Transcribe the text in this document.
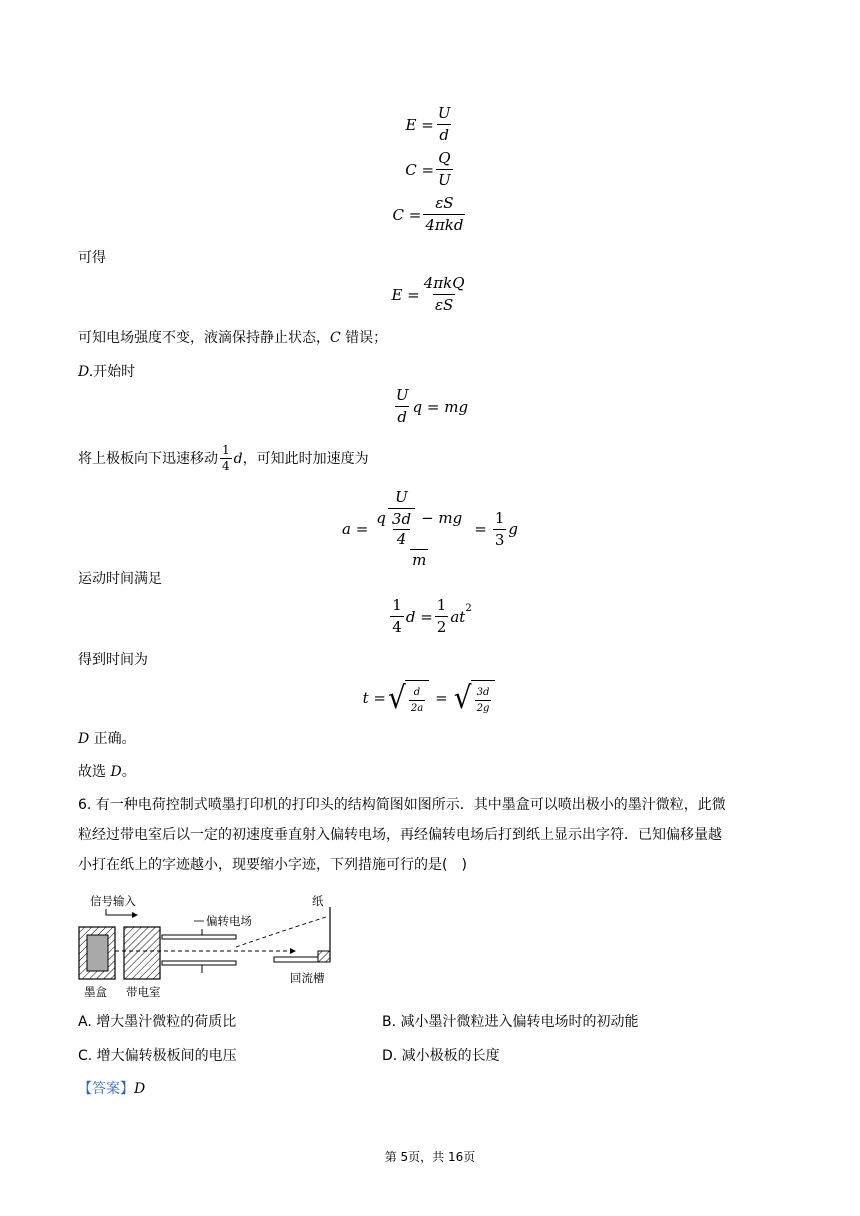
$E = \frac{U}{d}$
$C = \frac{Q}{U}$
$C = \frac{\varepsilon S}{\text{4πkd}}$
可得
$E = \frac{\text{4πkQ}}{\varepsilon S}$
可知电场强度不变，液滴保持静止状态，C 错误；
D.开始时
$\frac{U}{d}$ q = mg
将上极板向下迅速移动 $\frac{1}{4}$ d ，可知此时加速度为
a =
q $\frac{U}{\frac{3d}{4}}$ − mg
m
= $\frac{1}{3}$ g
运动时间满足
$\frac{1}{4}$ $d = \frac{1}{2} at^2$
得到时间为
t = √ $\frac{d}{2a}$ = √ $\frac{3d}{2g}$
D 正确。
故选 D。
6. 有一种电荷控制式喷墨打印机的打印头的结构简图如图所示．其中墨盒可以喷出极小的墨汁微粒，此微
粒经过带电室后以一定的初速度垂直射入偏转电场，再经偏转电场后打到纸上显示出字符．已知偏移量越
小打在纸上的字迹越小，现要缩小字迹，下列措施可行的是(　)
信号输入
偏转电场
纸
墨盒 带电室
回流槽
A. 增大墨汁微粒的荷质比	B. 减小墨汁微粒进入偏转电场时的初动能
C. 增大偏转极板间的电压	D. 减小极板的长度
【答案】D
第 5页，共 16页
